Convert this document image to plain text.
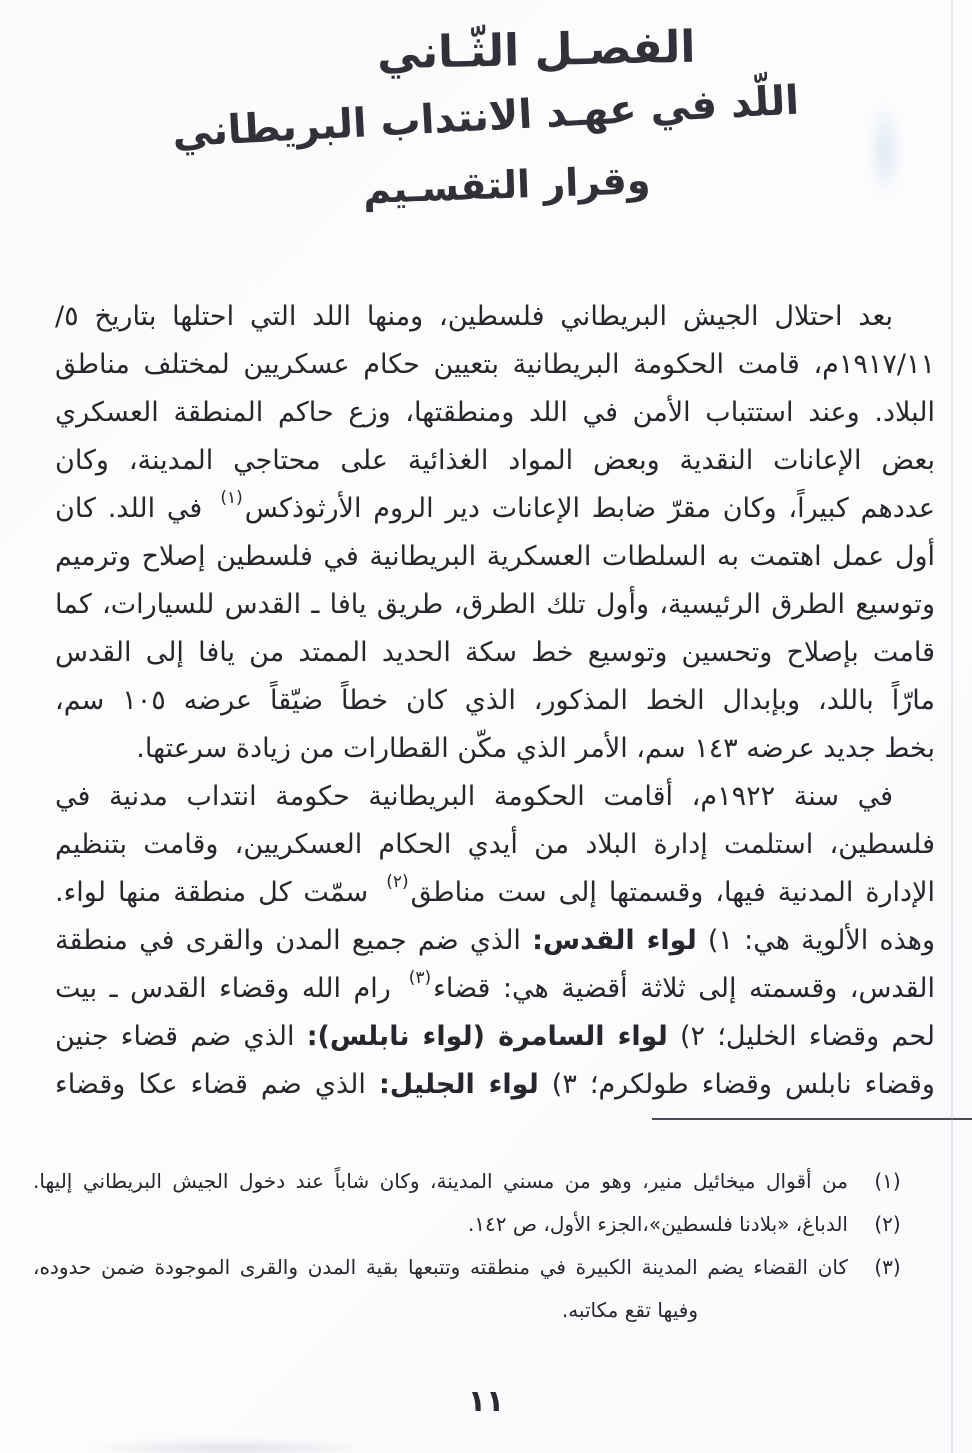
الفصـل الثّـاني
اللّد في عهـد الانتداب البريطاني
وقرار التقسـيم
بعد احتلال الجيش البريطاني فلسطين، ومنها اللد التي احتلها بتاريخ ٥/
١٩١٧/١١م، قامت الحكومة البريطانية بتعيين حكام عسكريين لمختلف مناطق
البلاد. وعند استتباب الأمن في اللد ومنطقتها، وزع حاكم المنطقة العسكري
بعض الإعانات النقدية وبعض المواد الغذائية على محتاجي المدينة، وكان
عددهم كبيراً، وكان مقرّ ضابط الإعانات دير الروم الأرثوذكس(١)في اللد. كان
أول عمل اهتمت به السلطات العسكرية البريطانية في فلسطين إصلاح وترميم
وتوسيع الطرق الرئيسية، وأول تلك الطرق، طريق يافا ـ القدس للسيارات، كما
قامت بإصلاح وتحسين وتوسيع خط سكة الحديد الممتد من يافا إلى القدس
مارّاً باللد، وبإبدال الخط المذكور، الذي كان خطاً ضيّقاً عرضه ١٠٥ سم،
بخط جديد عرضه ١٤٣ سم، الأمر الذي مكّن القطارات من زيادة سرعتها.
في سنة ١٩٢٢م، أقامت الحكومة البريطانية حكومة انتداب مدنية في
فلسطين، استلمت إدارة البلاد من أيدي الحكام العسكريين، وقامت بتنظيم
الإدارة المدنية فيها، وقسمتها إلى ست مناطق(٢)سمّت كل منطقة منها لواء.
وهذه الألوية هي: ١) لواء القدس: الذي ضم جميع المدن والقرى في منطقة
القدس، وقسمته إلى ثلاثة أقضية هي: قضاء(٣)رام الله وقضاء القدس ـ بيت
لحم وقضاء الخليل؛ ٢) لواء السامرة (لواء نابلس): الذي ضم قضاء جنين
وقضاء نابلس وقضاء طولكرم؛ ٣) لواء الجليل: الذي ضم قضاء عكا وقضاء
(١)
من أقوال ميخائيل منير، وهو من مسني المدينة، وكان شاباً عند دخول الجيش البريطاني إليها.
(٢)
الدباغ، «بلادنا فلسطين»،الجزء الأول، ص ١٤٢.
(٣)
كان القضاء يضم المدينة الكبيرة في منطقته وتتبعها بقية المدن والقرى الموجودة ضمن حدوده،
وفيها تقع مكاتبه.
١١
